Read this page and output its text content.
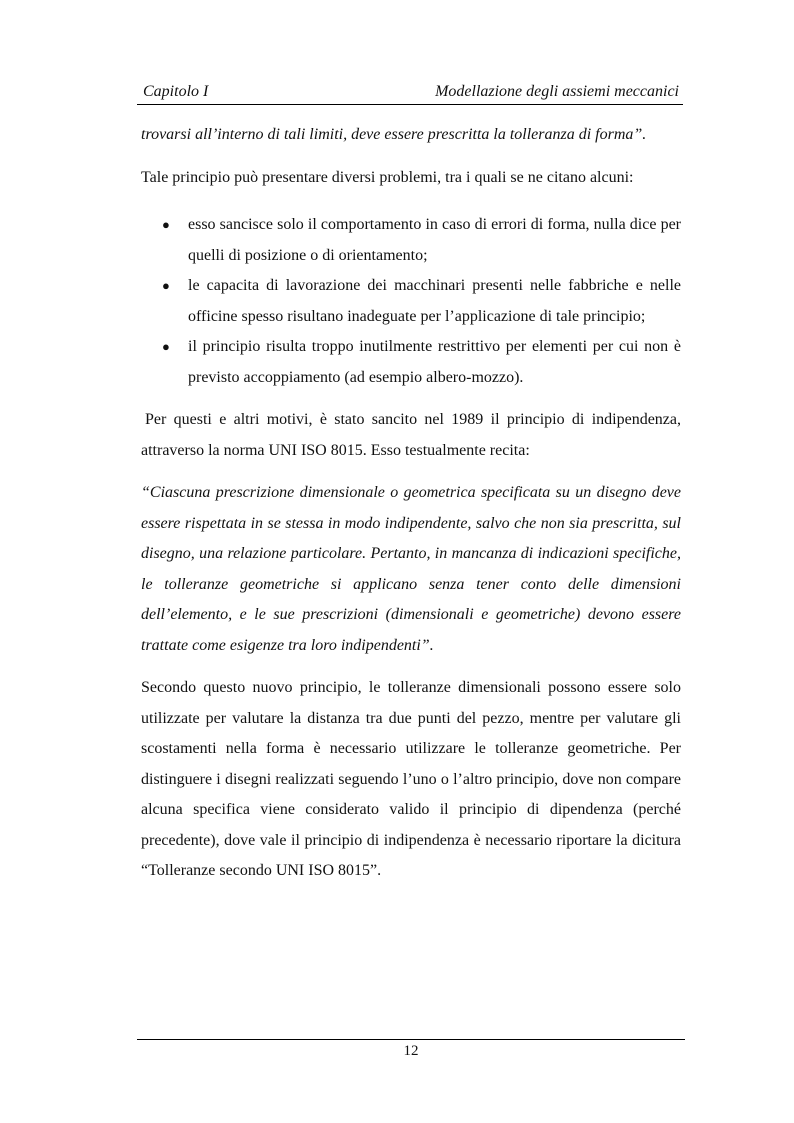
Capitolo I	Modellazione degli assiemi meccanici

trovarsi all’interno di tali limiti, deve essere prescritta la tolleranza di forma”.

Tale principio può presentare diversi problemi, tra i quali se ne citano alcuni:

● esso sancisce solo il comportamento in caso di errori di forma, nulla dice per quelli di posizione o di orientamento;
● le capacita di lavorazione dei macchinari presenti nelle fabbriche e nelle officine spesso risultano inadeguate per l’applicazione di tale principio;
● il principio risulta troppo inutilmente restrittivo per elementi per cui non è previsto accoppiamento (ad esempio albero-mozzo).

Per questi e altri motivi, è stato sancito nel 1989 il principio di indipendenza, attraverso la norma UNI ISO 8015. Esso testualmente recita:

“Ciascuna prescrizione dimensionale o geometrica specificata su un disegno deve essere rispettata in se stessa in modo indipendente, salvo che non sia prescritta, sul disegno, una relazione particolare. Pertanto, in mancanza di indicazioni specifiche, le tolleranze geometriche si applicano senza tener conto delle dimensioni dell’elemento, e le sue prescrizioni (dimensionali e geometriche) devono essere trattate come esigenze tra loro indipendenti”.

Secondo questo nuovo principio, le tolleranze dimensionali possono essere solo utilizzate per valutare la distanza tra due punti del pezzo, mentre per valutare gli scostamenti nella forma è necessario utilizzare le tolleranze geometriche. Per distinguere i disegni realizzati seguendo l’uno o l’altro principio, dove non compare alcuna specifica viene considerato valido il principio di dipendenza (perché precedente), dove vale il principio di indipendenza è necessario riportare la dicitura “Tolleranze secondo UNI ISO 8015”.

12
